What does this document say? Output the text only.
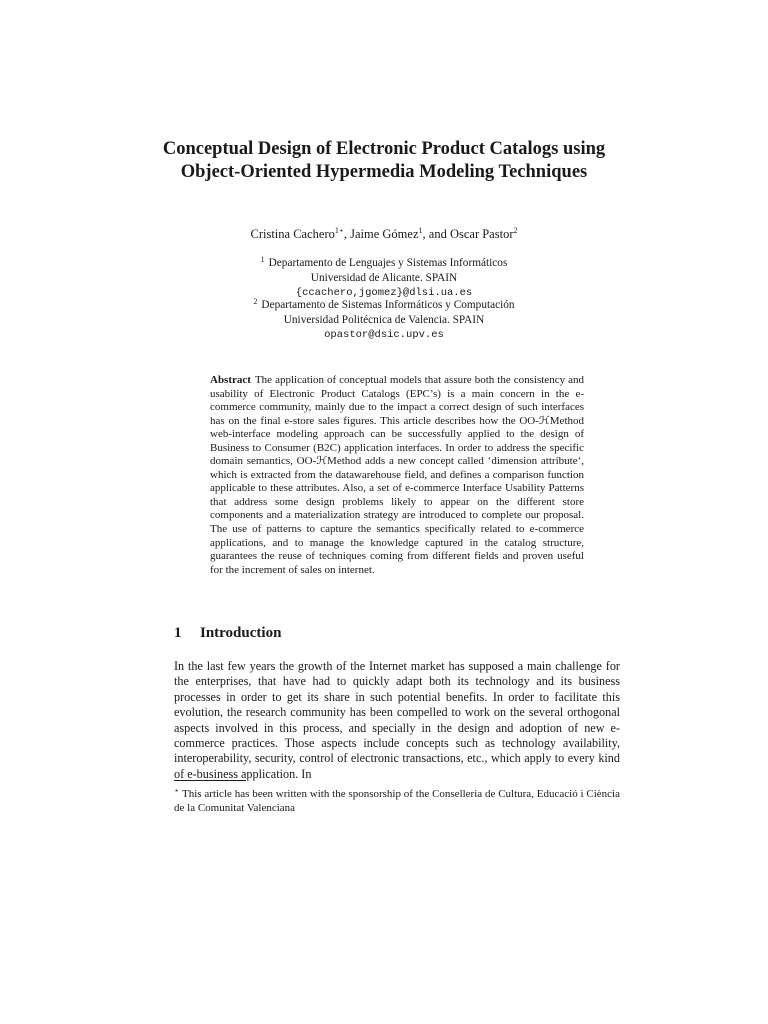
Conceptual Design of Electronic Product Catalogs using Object-Oriented Hypermedia Modeling Techniques
Cristina Cachero$^{1⋆}$, Jaime Gómez$^1$, and Oscar Pastor$^2$
$^1$ Departamento de Lenguajes y Sistemas Informáticos
Universidad de Alicante. SPAIN
{ccachero,jgomez}@dlsi.ua.es
$^2$ Departamento de Sistemas Informáticos y Computación
Universidad Politécnica de Valencia. SPAIN
opastor@dsic.upv.es
Abstract The application of conceptual models that assure both the consistency and usability of Electronic Product Catalogs (EPC’s) is a main concern in the e-commerce community, mainly due to the impact a correct design of such interfaces has on the final e-store sales figures. This article describes how the OO-ℋMethod web-interface modeling approach can be successfully applied to the design of Business to Consumer (B2C) application interfaces. In order to address the specific domain semantics, OO-ℋMethod adds a new concept called ‘dimension attribute‘, which is extracted from the datawarehouse field, and defines a comparison function applicable to these attributes. Also, a set of e-commerce Interface Usability Patterns that address some design problems likely to appear on the different store components and a materialization strategy are introduced to complete our proposal. The use of patterns to capture the semantics specifically related to e-commerce applications, and to manage the knowledge captured in the catalog structure, guarantees the reuse of techniques coming from different fields and proven useful for the increment of sales on internet.
1 Introduction
In the last few years the growth of the Internet market has supposed a main challenge for the enterprises, that have had to quickly adapt both its technology and its business processes in order to get its share in such potential benefits. In order to facilitate this evolution, the research community has been compelled to work on the several orthogonal aspects involved in this process, and specially in the design and adoption of new e-commerce practices. Those aspects include concepts such as technology availability, interoperability, security, control of electronic transactions, etc., which apply to every kind of e-business application. In
⋆ This article has been written with the sponsorship of the Conselleria de Cultura, Educació i Ciència de la Comunitat Valenciana
